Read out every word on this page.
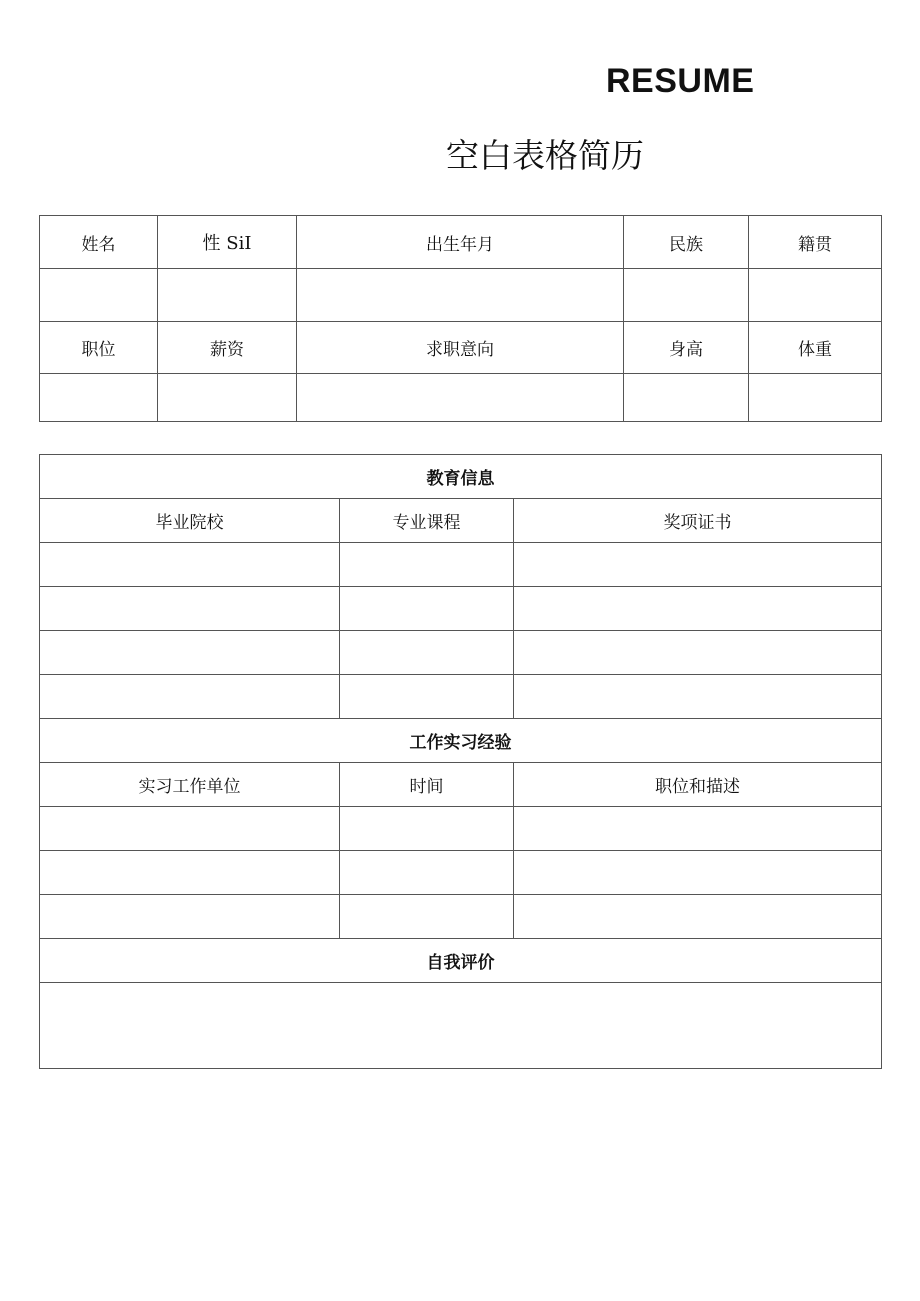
RESUME
空白表格简历
姓名	性 SiI	出生年月	民族	籍贯

职位	薪资	求职意向	身高	体重

教育信息		
毕业院校	专业课程	奖项证书

工作实习经验		
实习工作单位	时间	职位和描述

自我评价		
